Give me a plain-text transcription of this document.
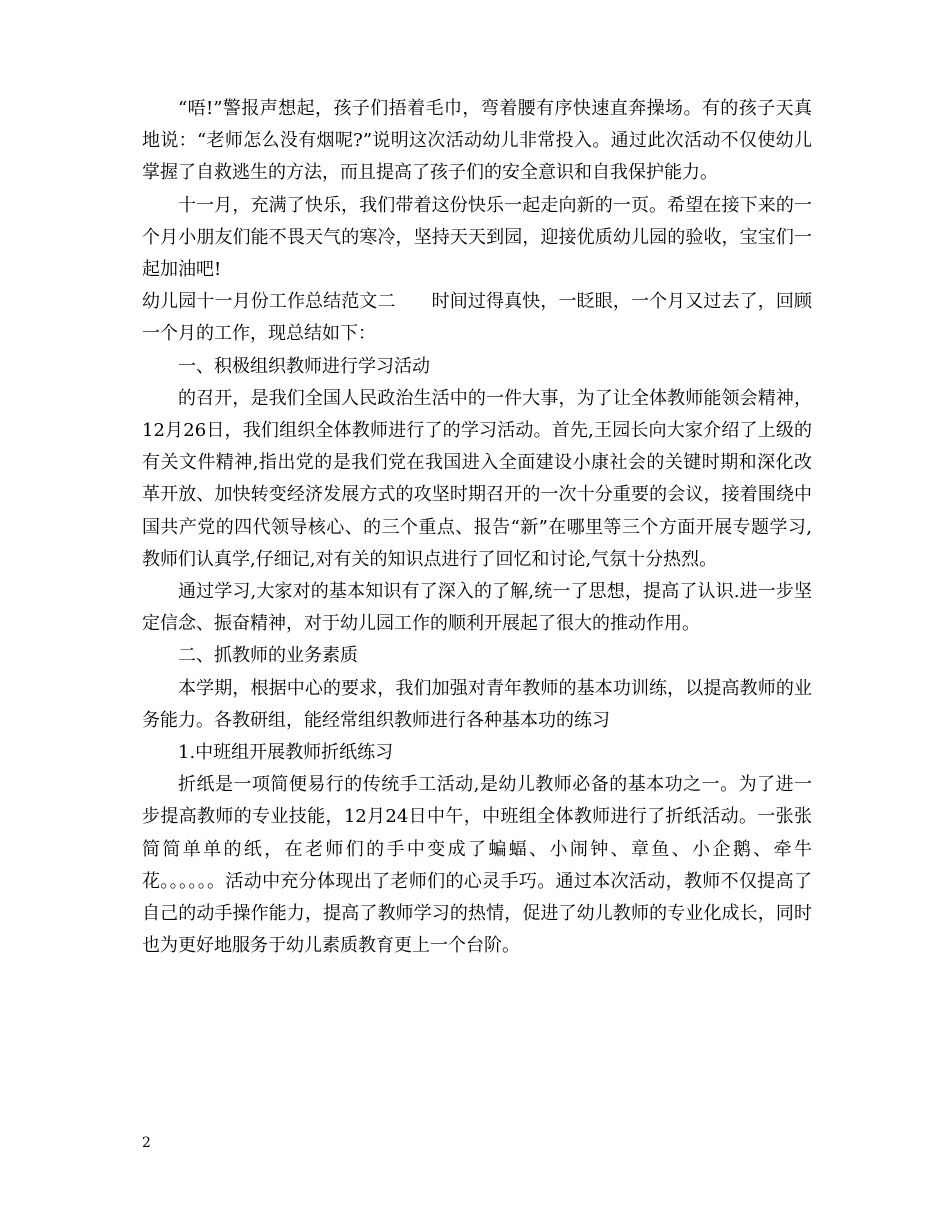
“唔!”警报声想起，孩子们捂着毛巾，弯着腰有序快速直奔操场。有的孩子天真地说：“老师怎么没有烟呢?”说明这次活动幼儿非常投入。通过此次活动不仅使幼儿掌握了自救逃生的方法，而且提高了孩子们的安全意识和自我保护能力。

十一月，充满了快乐，我们带着这份快乐一起走向新的一页。希望在接下来的一个月小朋友们能不畏天气的寒冷，坚持天天到园，迎接优质幼儿园的验收，宝宝们一起加油吧!

幼儿园十一月份工作总结范文二 时间过得真快，一眨眼，一个月又过去了，回顾一个月的工作，现总结如下：

一、积极组织教师进行学习活动

的召开，是我们全国人民政治生活中的一件大事，为了让全体教师能领会精神，12月26日，我们组织全体教师进行了的学习活动。首先,王园长向大家介绍了上级的有关文件精神,指出党的是我们党在我国进入全面建设小康社会的关键时期和深化改革开放、加快转变经济发展方式的攻坚时期召开的一次十分重要的会议，接着围绕中国共产党的四代领导核心、的三个重点、报告“新”在哪里等三个方面开展专题学习,教师们认真学,仔细记,对有关的知识点进行了回忆和讨论,气氛十分热烈。

通过学习,大家对的基本知识有了深入的了解,统一了思想，提高了认识.进一步坚定信念、振奋精神，对于幼儿园工作的顺利开展起了很大的推动作用。

二、抓教师的业务素质

本学期，根据中心的要求，我们加强对青年教师的基本功训练，以提高教师的业务能力。各教研组，能经常组织教师进行各种基本功的练习

1.中班组开展教师折纸练习

折纸是一项简便易行的传统手工活动,是幼儿教师必备的基本功之一。为了进一步提高教师的专业技能，12月24日中午，中班组全体教师进行了折纸活动。一张张简简单单的纸，在老师们的手中变成了蝙蝠、小闹钟、章鱼、小企鹅、牵牛花。。。。。。活动中充分体现出了老师们的心灵手巧。通过本次活动，教师不仅提高了自己的动手操作能力，提高了教师学习的热情，促进了幼儿教师的专业化成长，同时也为更好地服务于幼儿素质教育更上一个台阶。

2
